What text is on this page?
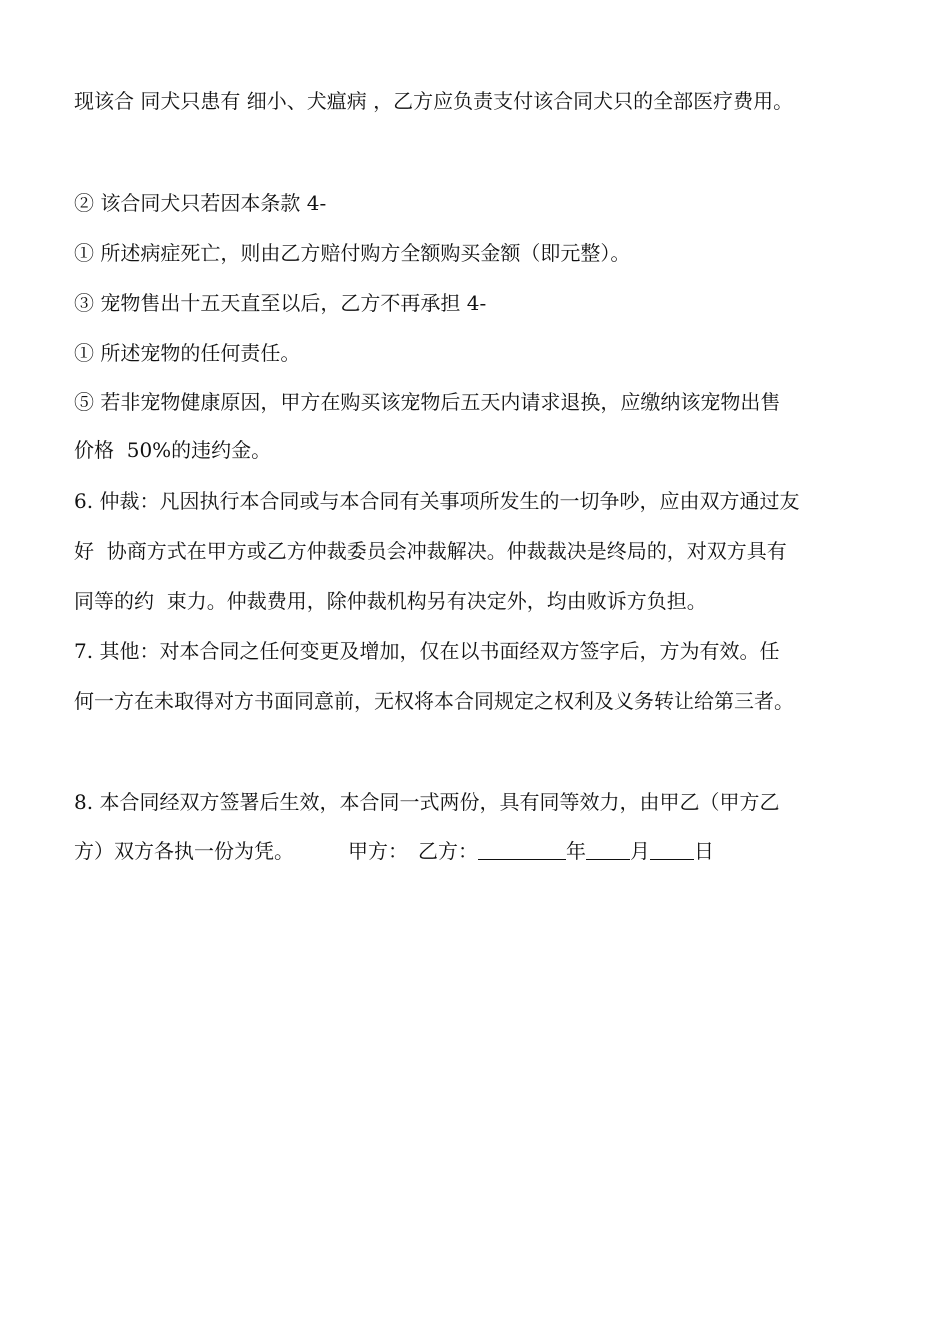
现该合 同犬只患有 细小、犬瘟病 ，乙方应负责支付该合同犬只的全部医疗费用。
② 该合同犬只若因本条款 4-
① 所述病症死亡，则由乙方赔付购方全额购买金额（即元整）。
③ 宠物售出十五天直至以后，乙方不再承担 4-
① 所述宠物的任何责任。
⑤ 若非宠物健康原因，甲方在购买该宠物后五天内请求退换，应缴纳该宠物出售
价格  50%的违约金。
6. 仲裁：凡因执行本合同或与本合同有关事项所发生的一切争吵，应由双方通过友
好  协商方式在甲方或乙方仲裁委员会冲裁解决。仲裁裁决是终局的，对双方具有
同等的约  束力。仲裁费用，除仲裁机构另有决定外，均由败诉方负担。
7. 其他：对本合同之任何变更及增加，仅在以书面经双方签字后，方为有效。任
何一方在未取得对方书面同意前，无权将本合同规定之权利及义务转让给第三者。
8. 本合同经双方签署后生效，本合同一式两份，具有同等效力，由甲乙（甲方乙
方）双方各执一份为凭。	甲方： 乙方：	年 月 日
